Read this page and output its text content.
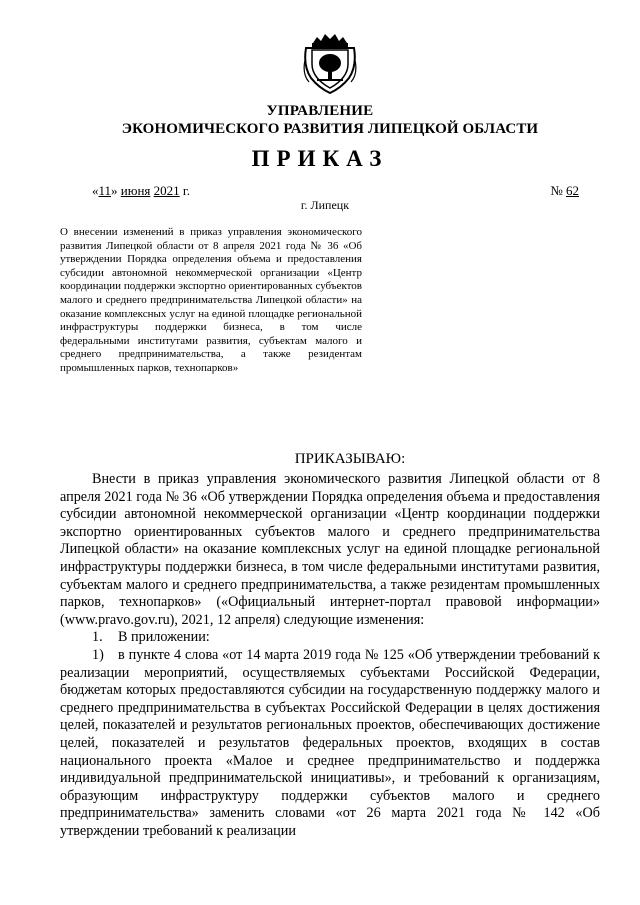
УПРАВЛЕНИЕ
ЭКОНОМИЧЕСКОГО РАЗВИТИЯ ЛИПЕЦКОЙ ОБЛАСТИ
ПРИКАЗ
«11» июня 2021 г.	№ 62
г. Липецк
О внесении изменений в приказ управления экономического развития Липецкой области от 8 апреля 2021 года № 36 «Об утверждении Порядка определения объема и предоставления субсидии автономной некоммерческой организации «Центр координации поддержки экспортно ориентированных субъектов малого и среднего предпринимательства Липецкой области» на оказание комплексных услуг на единой площадке региональной инфраструктуры поддержки бизнеса, в том числе федеральными институтами развития, субъектам малого и среднего предпринимательства, а также резидентам промышленных парков, технопарков»
ПРИКАЗЫВАЮ:

Внести в приказ управления экономического развития Липецкой области от 8 апреля 2021 года № 36 «Об утверждении Порядка определения объема и предоставления субсидии автономной некоммерческой организации «Центр координации поддержки экспортно ориентированных субъектов малого и среднего предпринимательства Липецкой области» на оказание комплексных услуг на единой площадке региональной инфраструктуры поддержки бизнеса, в том числе федеральными институтами развития, субъектам малого и среднего предпринимательства, а также резидентам промышленных парков, технопарков» («Официальный интернет-портал правовой информации» (www.pravo.gov.ru), 2021, 12 апреля) следующие изменения:

1.	В приложении:

1) в пункте 4 слова «от 14 марта 2019 года № 125 «Об утверждении требований к реализации мероприятий, осуществляемых субъектами Российской Федерации, бюджетам которых предоставляются субсидии на государственную поддержку малого и среднего предпринимательства в субъектах Российской Федерации в целях достижения целей, показателей и результатов региональных проектов, обеспечивающих достижение целей, показателей и результатов федеральных проектов, входящих в состав национального проекта «Малое и среднее предпринимательство и поддержка индивидуальной предпринимательской инициативы», и требований к организациям, образующим инфраструктуру поддержки субъектов малого и среднего предпринимательства» заменить словами «от 26 марта 2021 года № 142 «Об утверждении требований к реализации
